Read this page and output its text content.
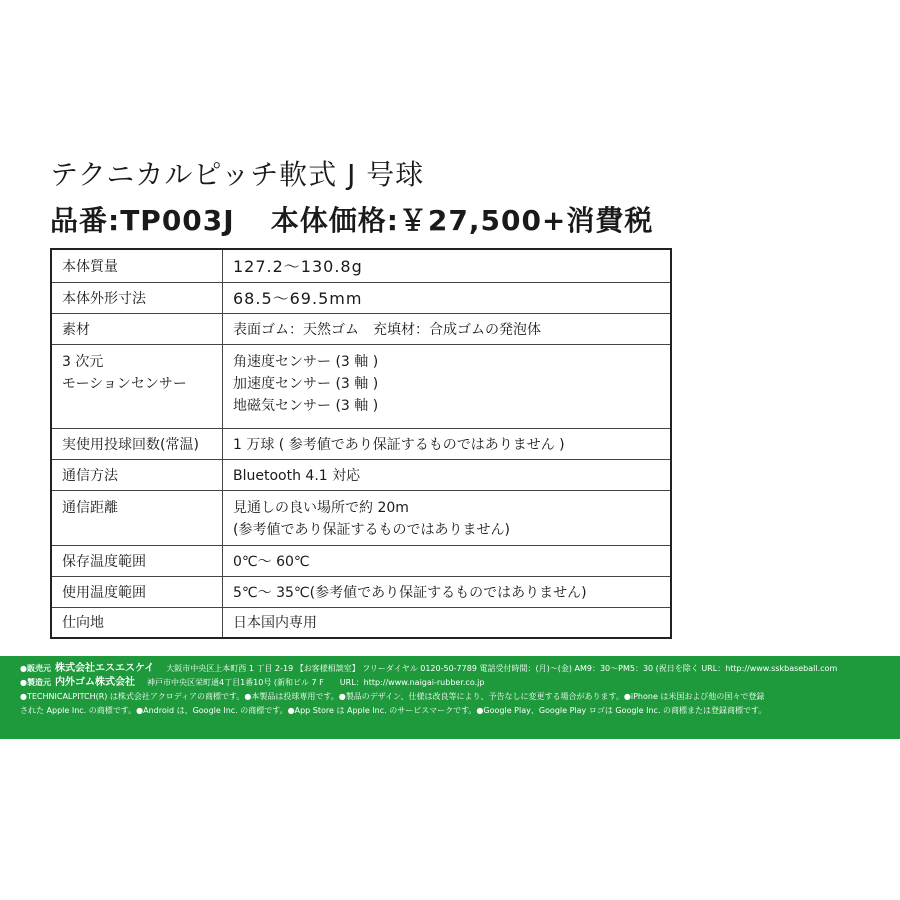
テクニカルピッチ軟式 J 号球
品番:TP003J 本体価格:￥27,500+消費税
本体質量	127.2〜130.8g
本体外形寸法	68.5〜69.5mm
素材	表面ゴム：天然ゴム　充填材：合成ゴムの発泡体

3 次元
モーションセンサー	角速度センサー (3 軸 )
加速度センサー (3 軸 )
地磁気センサー (3 軸 )

実使用投球回数(常温)	1 万球 ( 参考値であり保証するものではありません )
通信方法	Bluetooth 4.1 対応
通信距離	見通しの良い場所で約 20m
(参考値であり保証するものではありません)

保存温度範囲	0℃〜 60℃
使用温度範囲	5℃〜 35℃(参考値であり保証するものではありません)
仕向地	日本国内専用
●販売元 株式会社エスエスケイ 大阪市中央区上本町西 1 丁目 2-19 【お客様相談室】 フリーダイヤル 0120-50-7789 電話受付時間：(月)〜(金) AM9：30〜PM5：30 (祝日を除く URL：http://www.sskbaseball.com
●製造元 内外ゴム株式会社 神戸市中央区栄町通4丁目1番10号 (新和ビル 7 F　　URL：http://www.naigai-rubber.co.jp
●TECHNICALPITCH(R) は株式会社アクロディアの商標です。●本製品は投球専用です。●製品のデザイン、仕様は改良等により、予告なしに変更する場合があります。●iPhone は米国および他の国々で登録
された Apple Inc. の商標です。●Android は、Google Inc. の商標です。●App Store は Apple Inc. のサービスマークです。●Google Play、Google Play ロゴは Google Inc. の商標または登録商標です。
